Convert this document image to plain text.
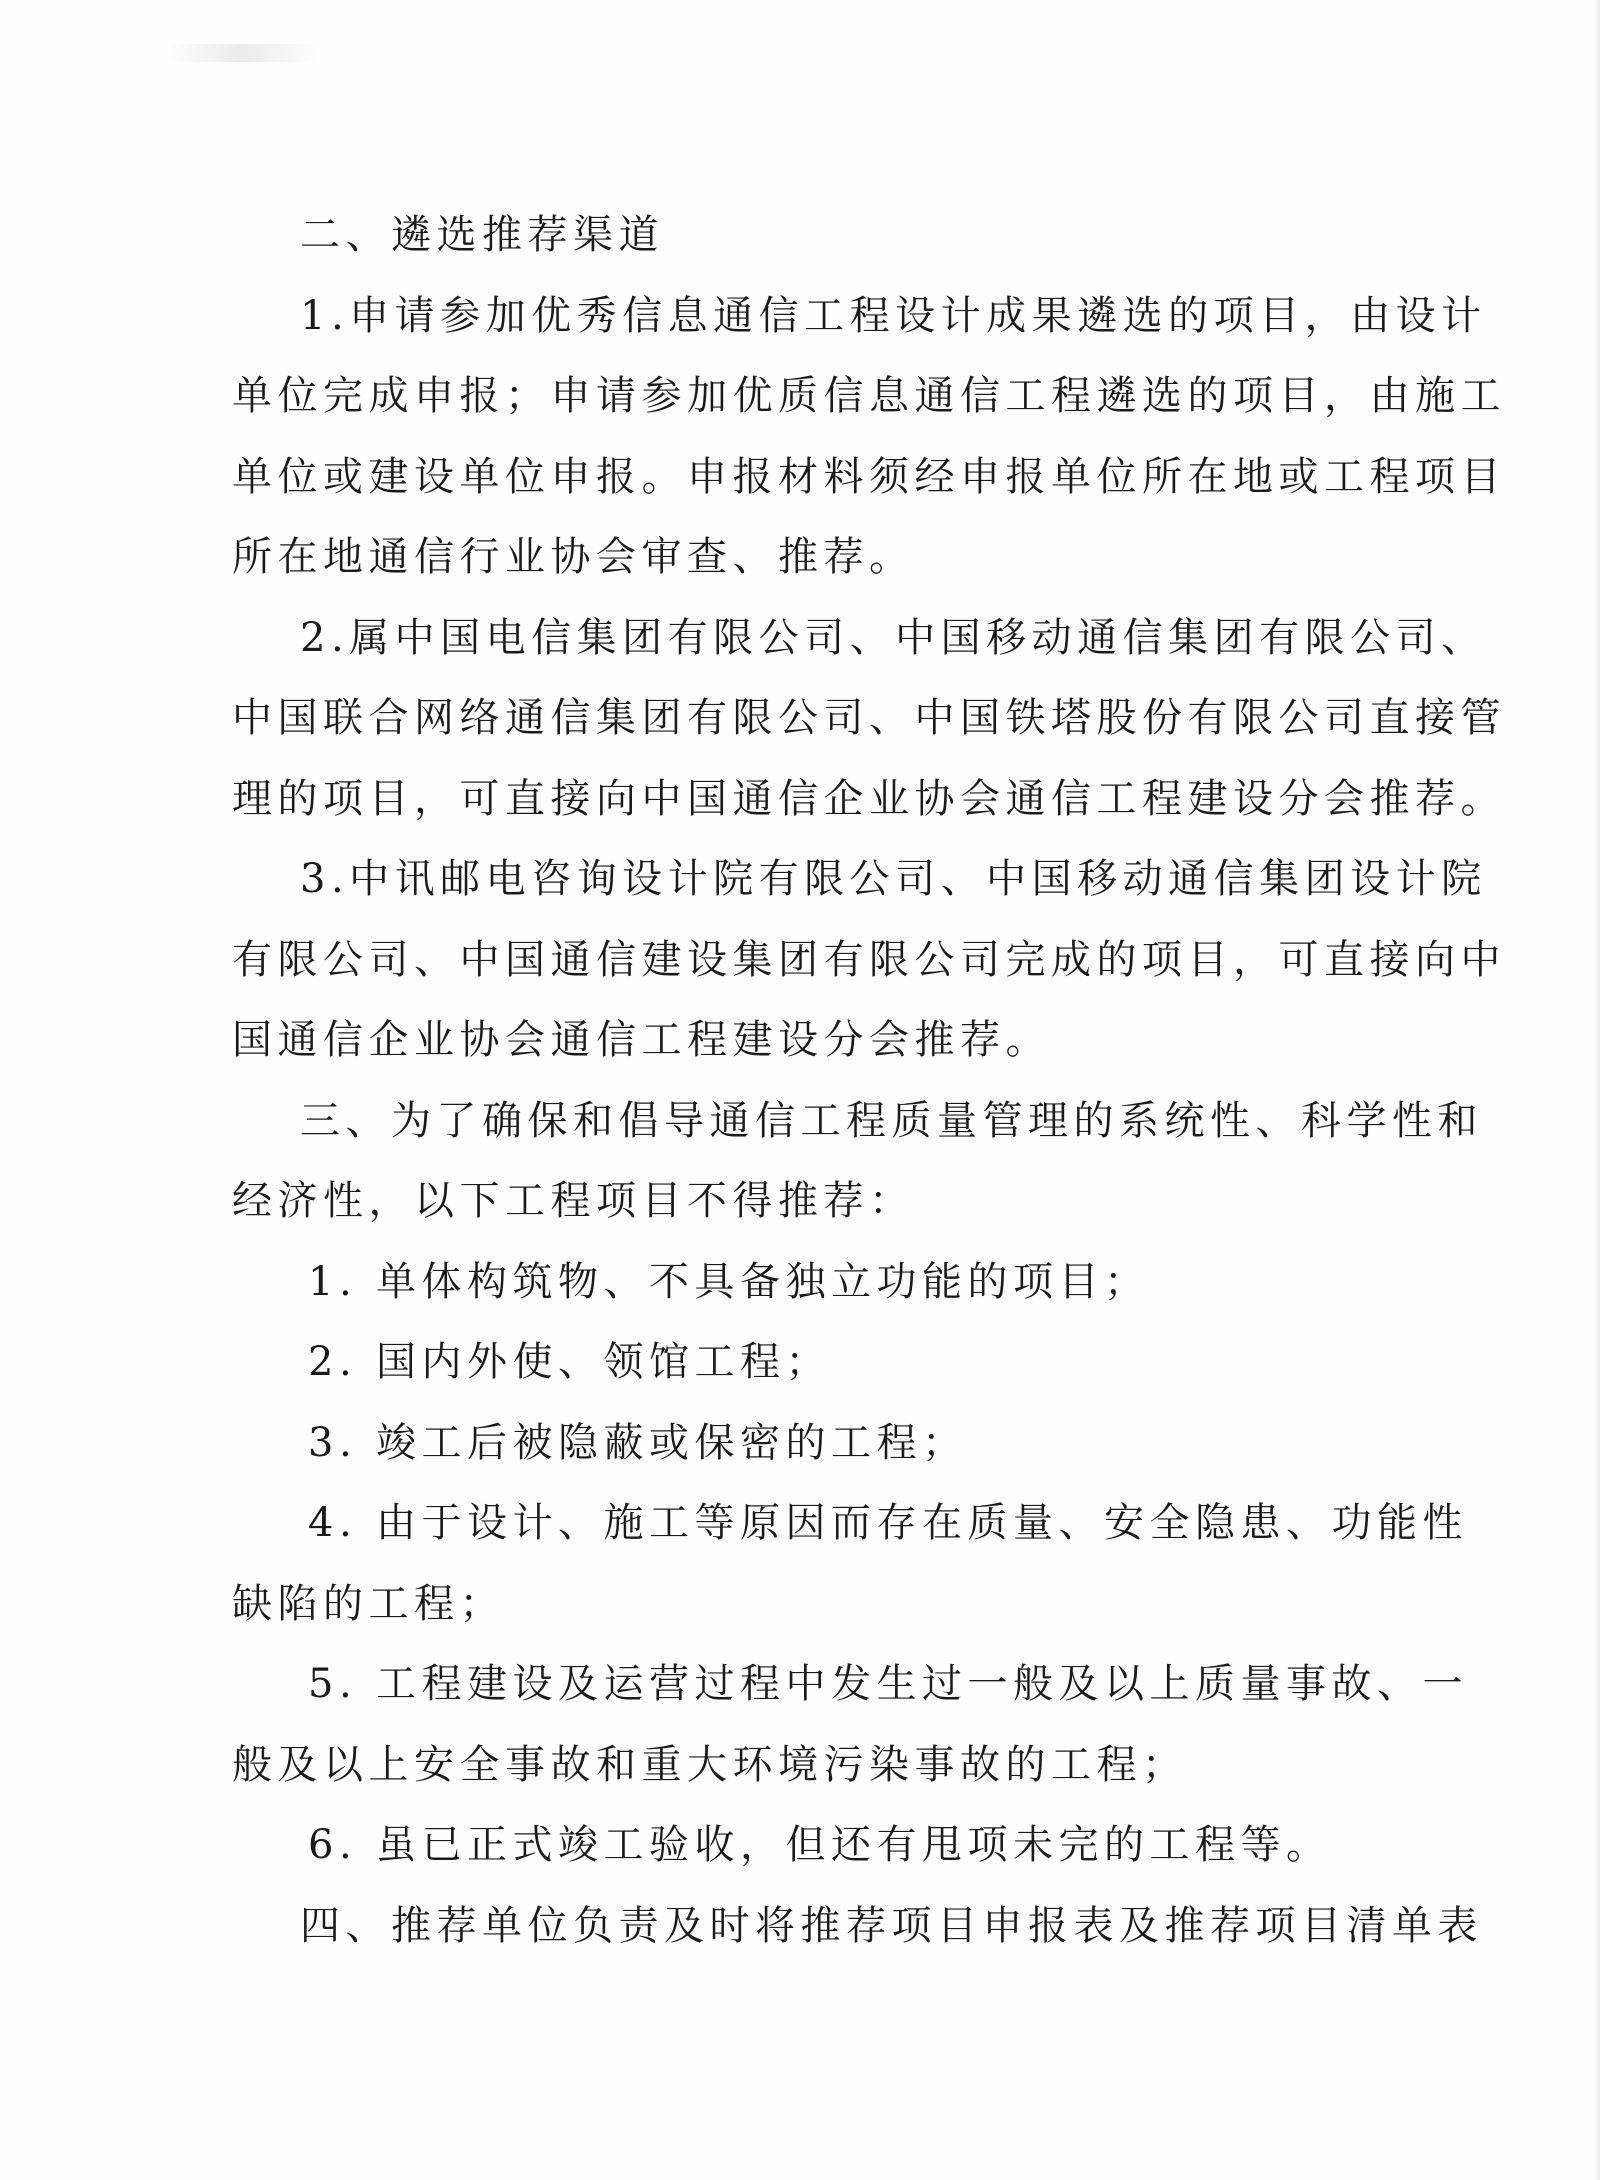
二、遴选推荐渠道
1.申请参加优秀信息通信工程设计成果遴选的项目，由设计
单位完成申报；申请参加优质信息通信工程遴选的项目，由施工
单位或建设单位申报。申报材料须经申报单位所在地或工程项目
所在地通信行业协会审查、推荐。
2.属中国电信集团有限公司、中国移动通信集团有限公司、
中国联合网络通信集团有限公司、中国铁塔股份有限公司直接管
理的项目，可直接向中国通信企业协会通信工程建设分会推荐。
3.中讯邮电咨询设计院有限公司、中国移动通信集团设计院
有限公司、中国通信建设集团有限公司完成的项目，可直接向中
国通信企业协会通信工程建设分会推荐。
三、为了确保和倡导通信工程质量管理的系统性、科学性和
经济性，以下工程项目不得推荐：
1. 单体构筑物、不具备独立功能的项目；
2. 国内外使、领馆工程；
3. 竣工后被隐蔽或保密的工程；
4. 由于设计、施工等原因而存在质量、安全隐患、功能性
缺陷的工程；
5. 工程建设及运营过程中发生过一般及以上质量事故、一
般及以上安全事故和重大环境污染事故的工程；
6. 虽已正式竣工验收，但还有甩项未完的工程等。
四、推荐单位负责及时将推荐项目申报表及推荐项目清单表
